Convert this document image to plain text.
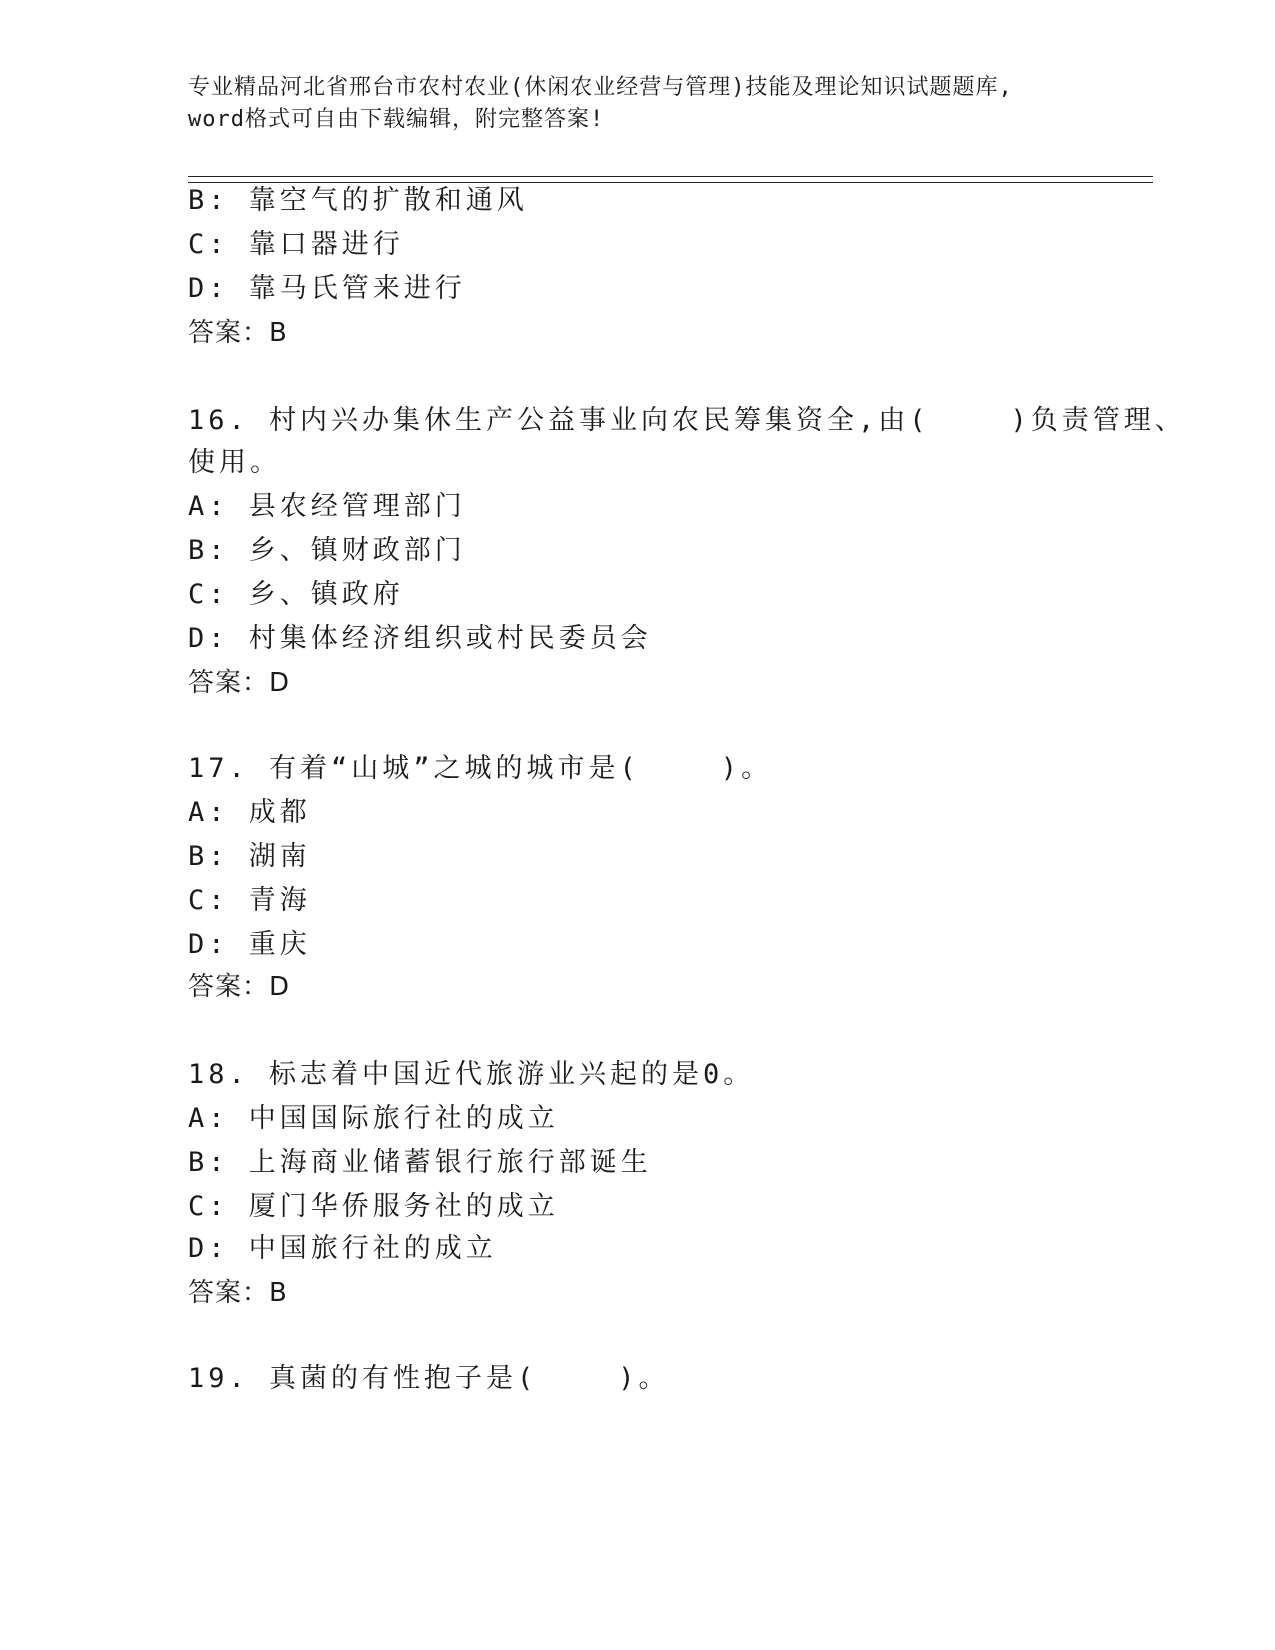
专业精品河北省邢台市农村农业(休闲农业经营与管理)技能及理论知识试题题库,
word格式可自由下载编辑，附完整答案!
B: 靠空气的扩散和通风
C: 靠口器进行
D: 靠马氏管来进行
答案：B
16. 村内兴办集休生产公益事业向农民筹集资全,由(    )负责管理、
使用。
A: 县农经管理部门
B: 乡、镇财政部门
C: 乡、镇政府
D: 村集体经济组织或村民委员会
答案：D
17. 有着“山城”之城的城市是(    )。
A: 成都
B: 湖南
C: 青海
D: 重庆
答案：D
18. 标志着中国近代旅游业兴起的是0。
A: 中国国际旅行社的成立
B: 上海商业储蓄银行旅行部诞生
C: 厦门华侨服务社的成立
D: 中国旅行社的成立
答案：B
19. 真菌的有性抱子是(    )。
